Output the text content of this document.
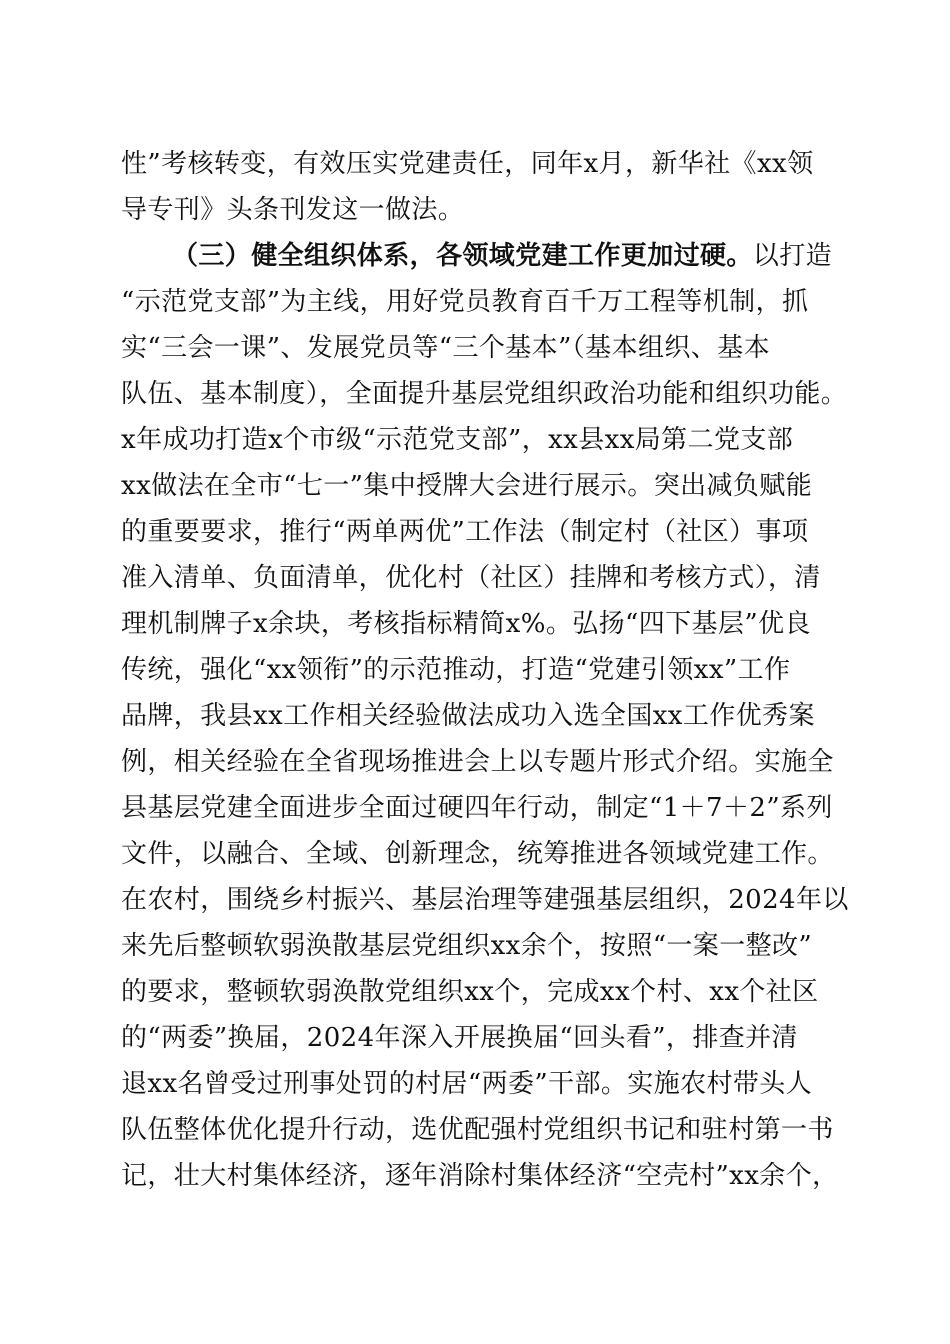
性”考核转变，有效压实党建责任，同年x月，新华社《xx领
导专刊》头条刊发这一做法。
（三）健全组织体系，各领域党建工作更加过硬。以打造
“示范党支部”为主线，用好党员教育百千万工程等机制，抓
实“三会一课”、发展党员等“三个基本”（基本组织、基本
队伍、基本制度），全面提升基层党组织政治功能和组织功能。
x年成功打造x个市级“示范党支部”，xx县xx局第二党支部
xx做法在全市“七一”集中授牌大会进行展示。突出减负赋能
的重要要求，推行“两单两优”工作法（制定村（社区）事项
准入清单、负面清单，优化村（社区）挂牌和考核方式），清
理机制牌子x余块，考核指标精简x%。弘扬“四下基层”优良
传统，强化“xx领衔”的示范推动，打造“党建引领xx”工作
品牌，我县xx工作相关经验做法成功入选全国xx工作优秀案
例，相关经验在全省现场推进会上以专题片形式介绍。实施全
县基层党建全面进步全面过硬四年行动，制定“1＋7＋2”系列
文件，以融合、全域、创新理念，统筹推进各领域党建工作。
在农村，围绕乡村振兴、基层治理等建强基层组织，2024年以
来先后整顿软弱涣散基层党组织xx余个，按照“一案一整改”
的要求，整顿软弱涣散党组织xx个，完成xx个村、xx个社区
的“两委”换届，2024年深入开展换届“回头看”，排查并清
退xx名曾受过刑事处罚的村居“两委”干部。实施农村带头人
队伍整体优化提升行动，选优配强村党组织书记和驻村第一书
记，壮大村集体经济，逐年消除村集体经济“空壳村”xx余个，
